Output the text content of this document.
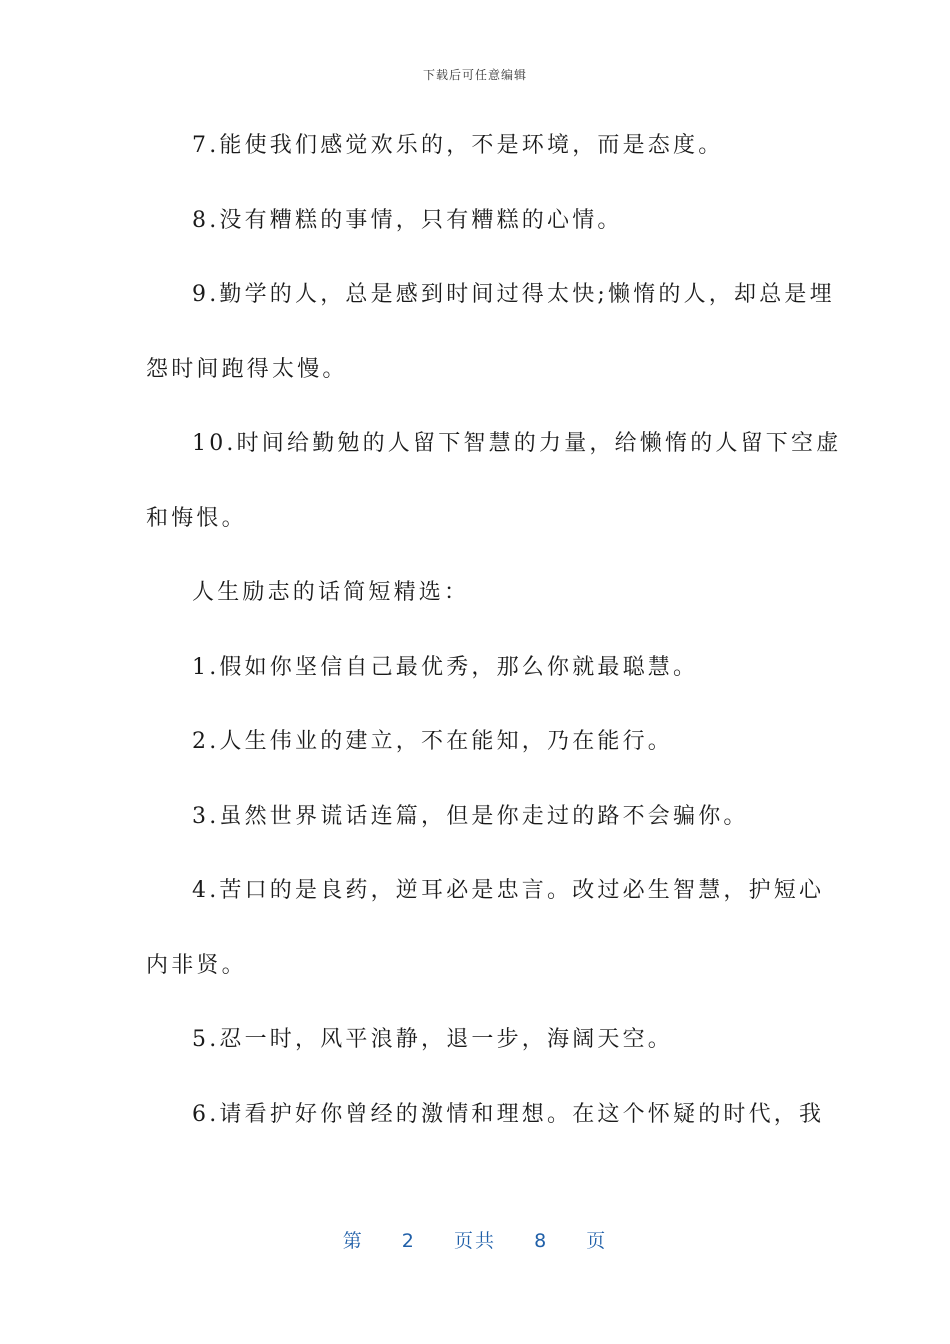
下载后可任意编辑
7.能使我们感觉欢乐的，不是环境，而是态度。
8.没有糟糕的事情，只有糟糕的心情。
9.勤学的人，总是感到时间过得太快;懒惰的人，却总是埋
怨时间跑得太慢。
10.时间给勤勉的人留下智慧的力量，给懒惰的人留下空虚
和悔恨。
人生励志的话简短精选：
1.假如你坚信自己最优秀，那么你就最聪慧。
2.人生伟业的建立，不在能知，乃在能行。
3.虽然世界谎话连篇，但是你走过的路不会骗你。
4.苦口的是良药，逆耳必是忠言。改过必生智慧，护短心
内非贤。
5.忍一时，风平浪静，退一步，海阔天空。
6.请看护好你曾经的激情和理想。在这个怀疑的时代，我
第 2 页共 8 页
